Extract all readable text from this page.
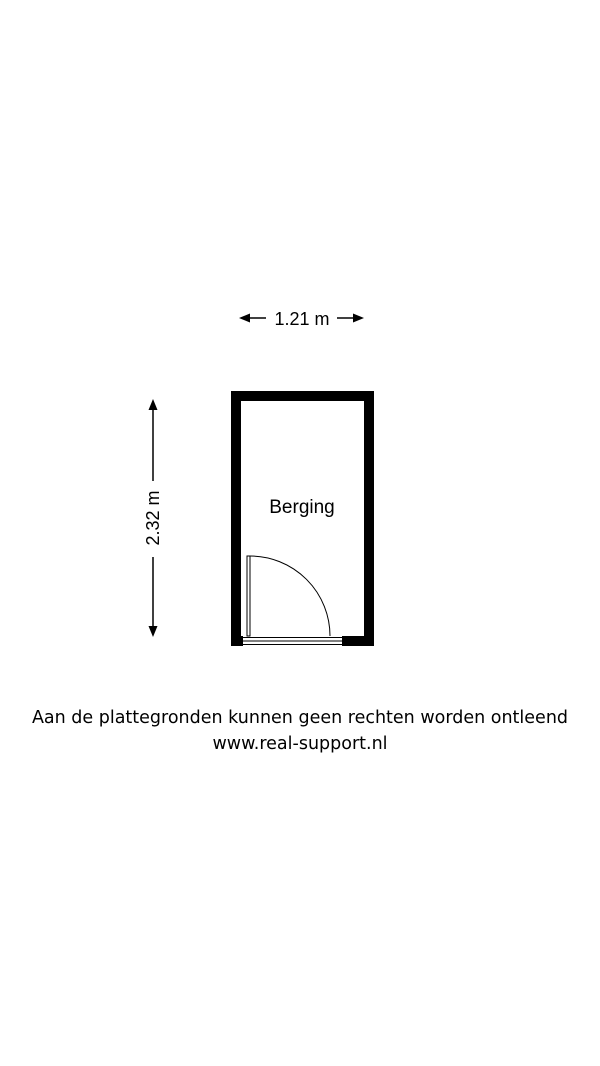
1.21 m
2.32 m	Berging
Aan de plattegronden kunnen geen rechten worden ontleend
www.real-support.nl
